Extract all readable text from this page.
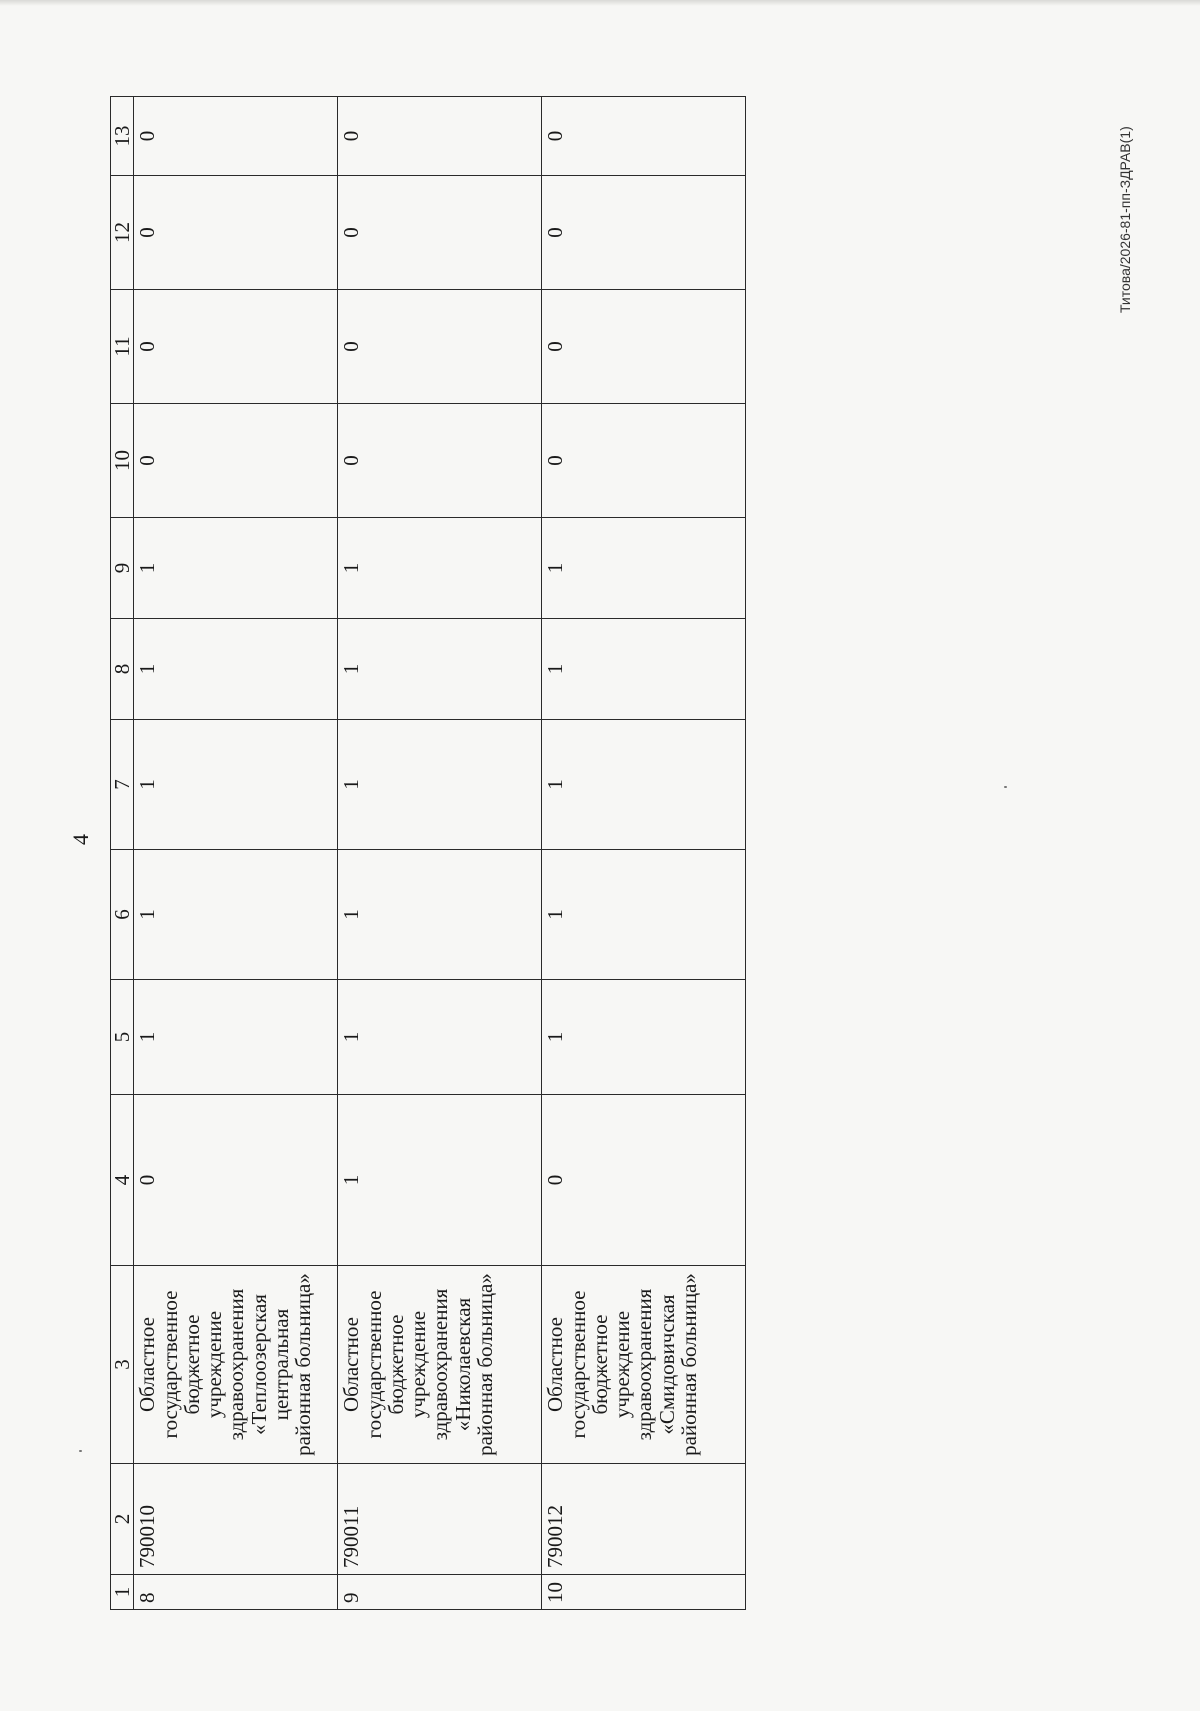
4
1	2	3	4	5	6	7	8	9	10	11	12	13
8	790010	Областное государственное бюджетное учреждение здравоохранения «Теплоозерская центральная районная больница»	0	1	1	1	1	1	0	0	0	0
9	790011	Областное государственное бюджетное учреждение здравоохранения «Николаевская районная больница»	1	1	1	1	1	1	0	0	0	0
10	790012	Областное государственное бюджетное учреждение здравоохранения «Смидовичская районная больница»	0	1	1	1	1	1	0	0	0	0	Титова/2026-81-пп-ЗДРАВ(1)
